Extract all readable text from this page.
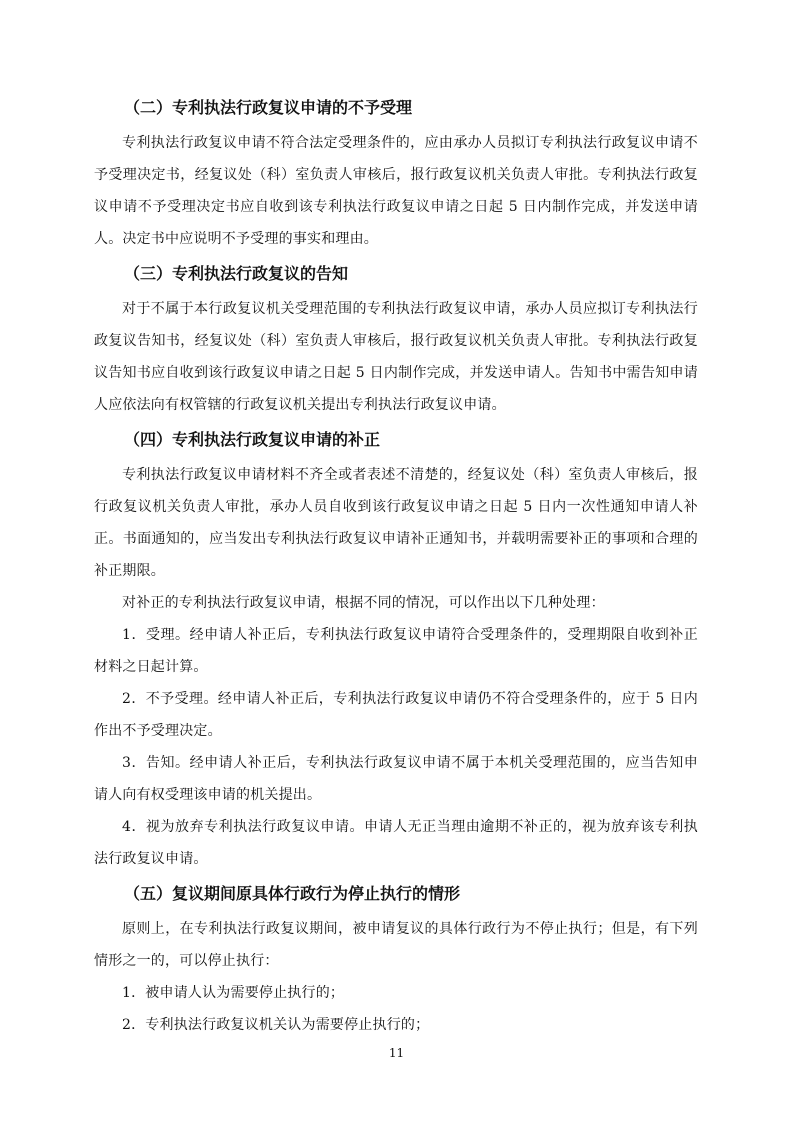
（二）专利执法行政复议申请的不予受理

专利执法行政复议申请不符合法定受理条件的，应由承办人员拟订专利执法行政复议申请不予受理决定书，经复议处（科）室负责人审核后，报行政复议机关负责人审批。专利执法行政复议申请不予受理决定书应自收到该专利执法行政复议申请之日起 5 日内制作完成，并发送申请人。决定书中应说明不予受理的事实和理由。

（三）专利执法行政复议的告知

对于不属于本行政复议机关受理范围的专利执法行政复议申请，承办人员应拟订专利执法行政复议告知书，经复议处（科）室负责人审核后，报行政复议机关负责人审批。专利执法行政复议告知书应自收到该行政复议申请之日起 5 日内制作完成，并发送申请人。告知书中需告知申请人应依法向有权管辖的行政复议机关提出专利执法行政复议申请。

（四）专利执法行政复议申请的补正

专利执法行政复议申请材料不齐全或者表述不清楚的，经复议处（科）室负责人审核后，报行政复议机关负责人审批，承办人员自收到该行政复议申请之日起 5 日内一次性通知申请人补正。书面通知的，应当发出专利执法行政复议申请补正通知书，并载明需要补正的事项和合理的补正期限。

对补正的专利执法行政复议申请，根据不同的情况，可以作出以下几种处理：

1．受理。经申请人补正后，专利执法行政复议申请符合受理条件的，受理期限自收到补正材料之日起计算。

2．不予受理。经申请人补正后，专利执法行政复议申请仍不符合受理条件的，应于 5 日内作出不予受理决定。

3．告知。经申请人补正后，专利执法行政复议申请不属于本机关受理范围的，应当告知申请人向有权受理该申请的机关提出。

4．视为放弃专利执法行政复议申请。申请人无正当理由逾期不补正的，视为放弃该专利执法行政复议申请。

（五）复议期间原具体行政行为停止执行的情形

原则上，在专利执法行政复议期间，被申请复议的具体行政行为不停止执行；但是，有下列情形之一的，可以停止执行：

1．被申请人认为需要停止执行的；

2．专利执法行政复议机关认为需要停止执行的；

11
